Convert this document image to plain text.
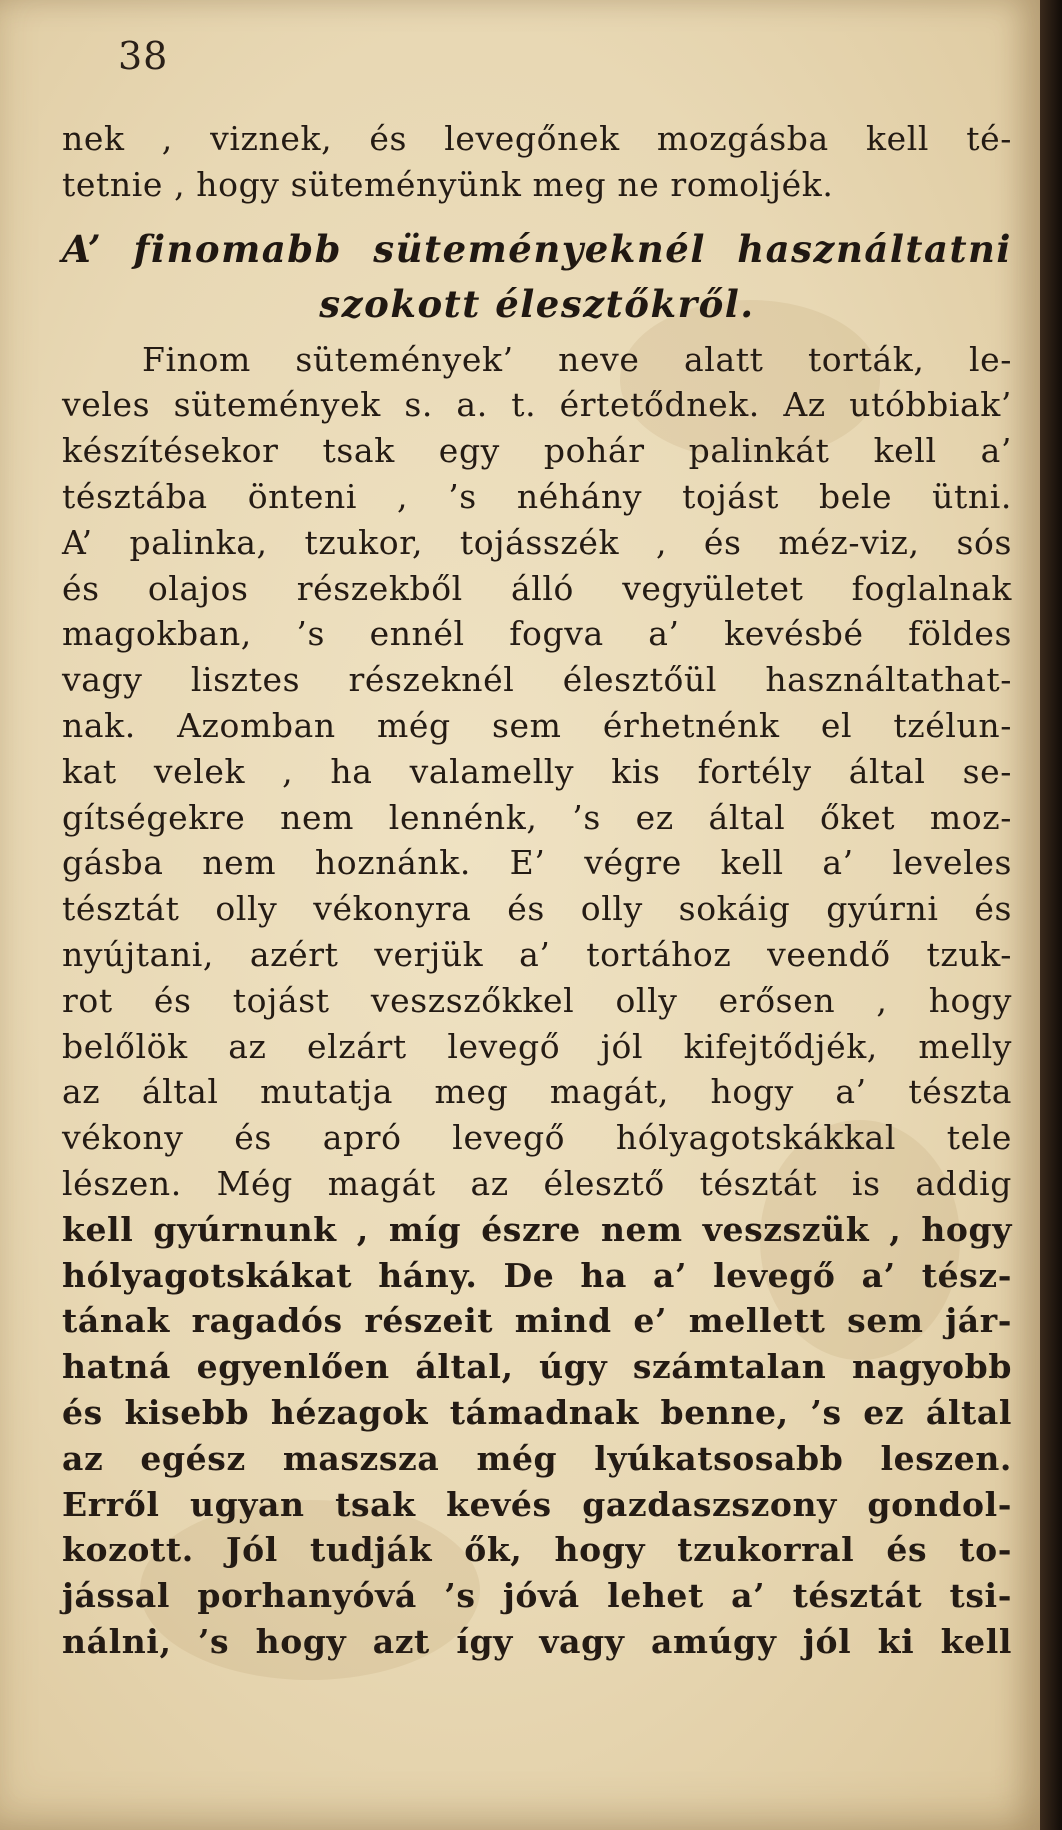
38
nek , viznek, és levegőnek mozgásba kell té-
tetnie , hogy süteményünk meg ne romoljék.
A’ finomabb süteményeknél használtatni
szokott élesztőkről.
Finom sütemények’ neve alatt torták, le-
veles sütemények s. a. t. értetődnek. Az utóbbiak’
készítésekor tsak egy pohár palinkát kell a’
tésztába önteni , ’s néhány tojást bele ütni.
A’ palinka, tzukor, tojásszék , és méz-viz, sós
és olajos részekből álló vegyületet foglalnak
magokban, ’s ennél fogva a’ kevésbé földes
vagy lisztes részeknél élesztőül használtathat-
nak. Azomban még sem érhetnénk el tzélun-
kat velek , ha valamelly kis fortély által se-
gítségekre nem lennénk, ’s ez által őket moz-
gásba nem hoznánk. E’ végre kell a’ leveles
tésztát olly vékonyra és olly sokáig gyúrni és
nyújtani, azért verjük a’ tortához veendő tzuk-
rot és tojást veszszőkkel olly erősen , hogy
belőlök az elzárt levegő jól kifejtődjék, melly
az által mutatja meg magát, hogy a’ tészta
vékony és apró levegő hólyagotskákkal tele
lészen. Még magát az élesztő tésztát is addig
kell gyúrnunk , míg észre nem veszszük , hogy
hólyagotskákat hány. De ha a’ levegő a’ tész-
tának ragadós részeit mind e’ mellett sem jár-
hatná egyenlően által, úgy számtalan nagyobb
és kisebb hézagok támadnak benne, ’s ez által
az egész maszsza még lyúkatsosabb leszen.
Erről ugyan tsak kevés gazdaszszony gondol-
kozott. Jól tudják ők, hogy tzukorral és to-
jással porhanyóvá ’s jóvá lehet a’ tésztát tsi-
nálni, ’s hogy azt így vagy amúgy jól ki kell
